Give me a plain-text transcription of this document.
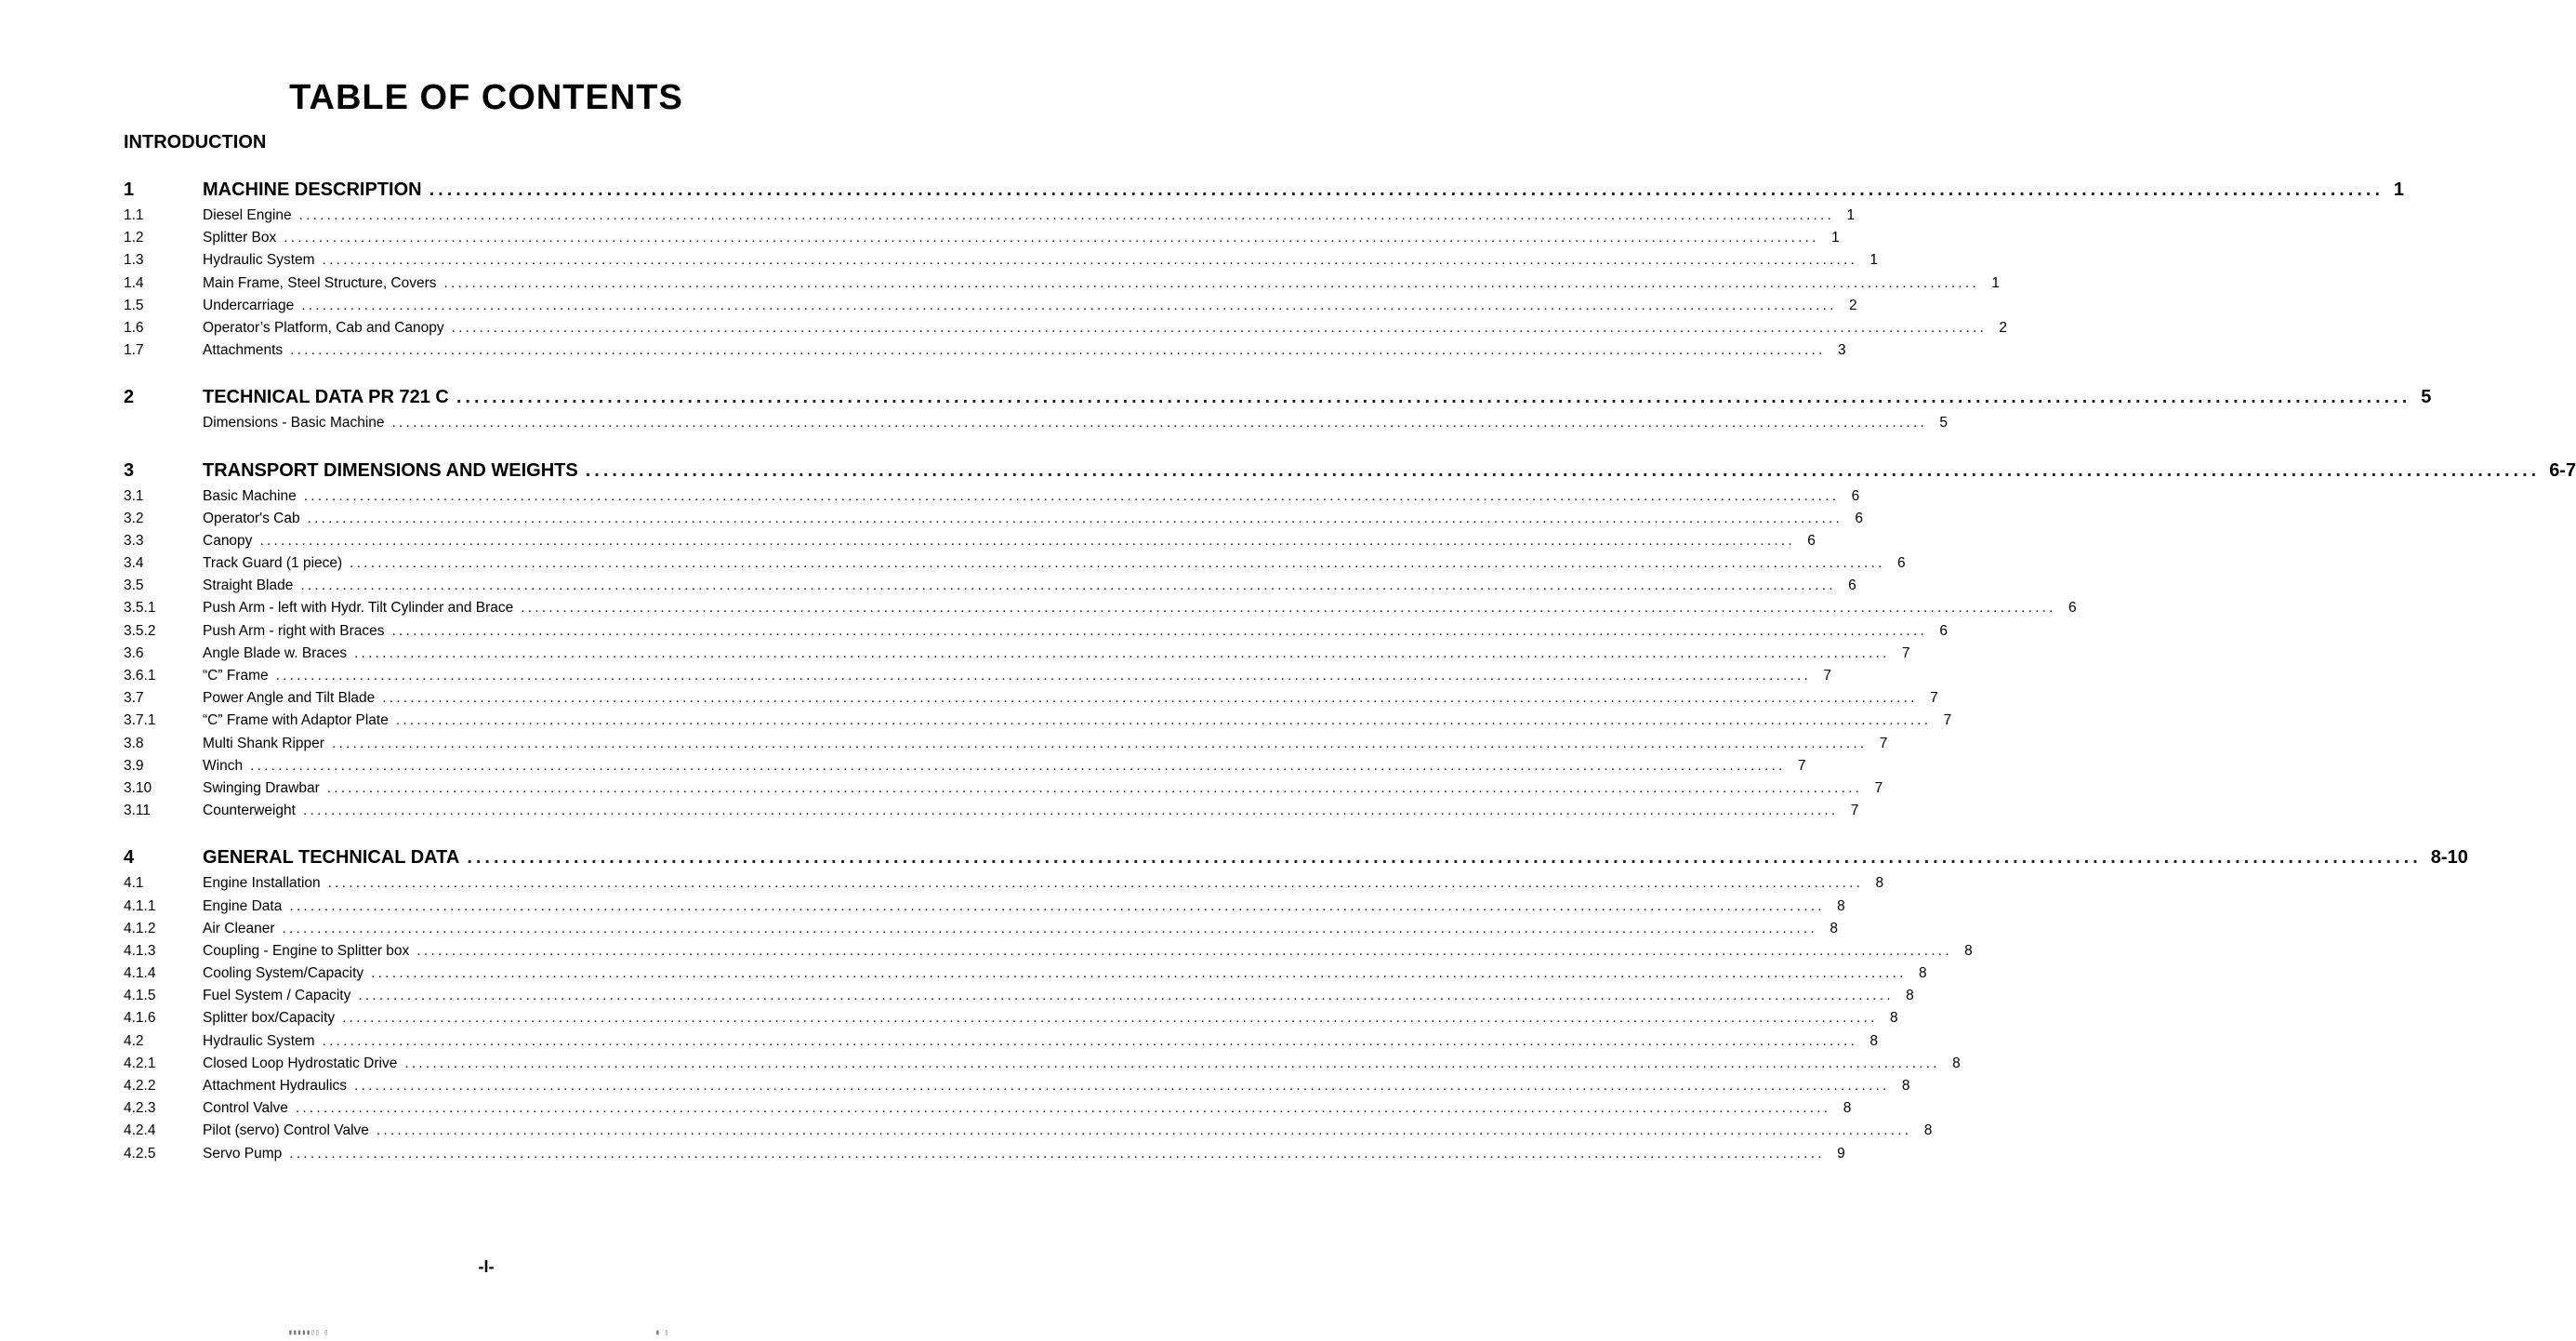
TABLE OF CONTENTS
INTRODUCTION
1	MACHINE DESCRIPTION ............................................................................................................................................................................................................................ 1
1.1	Diesel Engine ............................................................................................................................................................................................................................ 1
1.2	Splitter Box ............................................................................................................................................................................................................................ 1
1.3	Hydraulic System ............................................................................................................................................................................................................................ 1
1.4	Main Frame, Steel Structure, Covers ............................................................................................................................................................................................................................ 1
1.5	Undercarriage ............................................................................................................................................................................................................................ 2
1.6	Operator’s Platform, Cab and Canopy ............................................................................................................................................................................................................................ 2
1.7	Attachments ............................................................................................................................................................................................................................ 3
2	TECHNICAL DATA PR 721 C ............................................................................................................................................................................................................................ 5
Dimensions - Basic Machine ............................................................................................................................................................................................................................ 5
3	TRANSPORT DIMENSIONS AND WEIGHTS ............................................................................................................................................................................................................................ 6-7
3.1	Basic Machine ............................................................................................................................................................................................................................ 6
3.2	Operator's Cab ............................................................................................................................................................................................................................ 6
3.3	Canopy ............................................................................................................................................................................................................................ 6
3.4	Track Guard (1 piece) ............................................................................................................................................................................................................................ 6
3.5	Straight Blade ............................................................................................................................................................................................................................ 6
3.5.1	Push Arm - left with Hydr. Tilt Cylinder and Brace ............................................................................................................................................................................................................................ 6
3.5.2	Push Arm - right with Braces ............................................................................................................................................................................................................................ 6
3.6	Angle Blade w. Braces ............................................................................................................................................................................................................................ 7
3.6.1	“C” Frame ............................................................................................................................................................................................................................ 7
3.7	Power Angle and Tilt Blade ............................................................................................................................................................................................................................ 7
3.7.1	“C” Frame with Adaptor Plate ............................................................................................................................................................................................................................ 7
3.8	Multi Shank Ripper ............................................................................................................................................................................................................................ 7
3.9	Winch ............................................................................................................................................................................................................................ 7
3.10	Swinging Drawbar ............................................................................................................................................................................................................................ 7
3.11	Counterweight ............................................................................................................................................................................................................................ 7
4	GENERAL TECHNICAL DATA ............................................................................................................................................................................................................................ 8-10
4.1	Engine Installation ............................................................................................................................................................................................................................ 8
4.1.1	Engine Data ............................................................................................................................................................................................................................ 8
4.1.2	Air Cleaner ............................................................................................................................................................................................................................ 8
4.1.3	Coupling - Engine to Splitter box ............................................................................................................................................................................................................................ 8
4.1.4	Cooling System/Capacity ............................................................................................................................................................................................................................ 8
4.1.5	Fuel System / Capacity ............................................................................................................................................................................................................................ 8
4.1.6	Splitter box/Capacity ............................................................................................................................................................................................................................ 8
4.2	Hydraulic System ............................................................................................................................................................................................................................ 8
4.2.1	Closed Loop Hydrostatic Drive ............................................................................................................................................................................................................................ 8
4.2.2	Attachment Hydraulics ............................................................................................................................................................................................................................ 8
4.2.3	Control Valve ............................................................................................................................................................................................................................ 8
4.2.4	Pilot (servo) Control Valve ............................................................................................................................................................................................................................ 8
4.2.5	Servo Pump ............................................................................................................................................................................................................................ 9
-I-
▮▮▮▮▮▯▯ ▯                                                                         ▮ ▯
